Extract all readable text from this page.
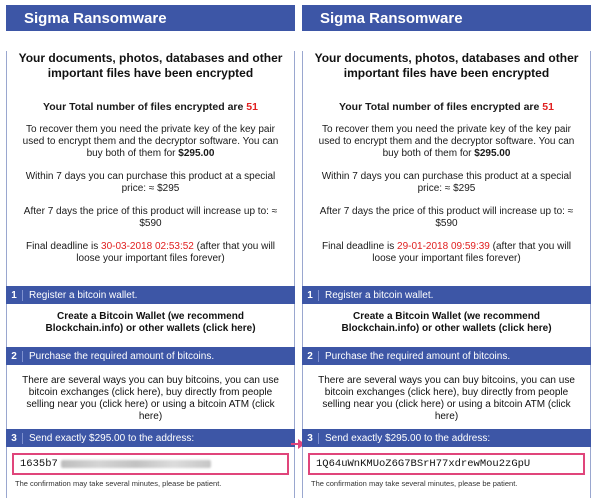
Sigma Ransomware
Your documents, photos, databases and other important files have been encrypted
Your Total number of files encrypted are 51
To recover them you need the private key of the key pair used to encrypt them and the decryptor software. You can buy both of them for $295.00
Within 7 days you can purchase this product at a special price: ≈ $295
After 7 days the price of this product will increase up to: ≈ $590
Final deadline is 30-03-2018 02:53:52 (after that you will loose your important files forever)
1	Register a bitcoin wallet.
Create a Bitcoin Wallet (we recommend Blockchain.info) or other wallets (click here)
2	Purchase the required amount of bitcoins.
There are several ways you can buy bitcoins, you can use bitcoin exchanges (click here), buy directly from people selling near you (click here) or using a bitcoin ATM (click here)
3	Send exactly $295.00 to the address:
1635b7
The confirmation may take several minutes, please be patient.
Sigma Ransomware
Your documents, photos, databases and other important files have been encrypted
Your Total number of files encrypted are 51
To recover them you need the private key of the key pair used to encrypt them and the decryptor software. You can buy both of them for $295.00
Within 7 days you can purchase this product at a special price: ≈ $295
After 7 days the price of this product will increase up to: ≈ $590
Final deadline is 29-01-2018 09:59:39 (after that you will loose your important files forever)
1	Register a bitcoin wallet.
Create a Bitcoin Wallet (we recommend Blockchain.info) or other wallets (click here)
2	Purchase the required amount of bitcoins.
There are several ways you can buy bitcoins, you can use bitcoin exchanges (click here), buy directly from people selling near you (click here) or using a bitcoin ATM (click here)
3	Send exactly $295.00 to the address:
1Q64uWnKMUoZ6G7BSrH77xdrewMou2zGpU
The confirmation may take several minutes, please be patient.
